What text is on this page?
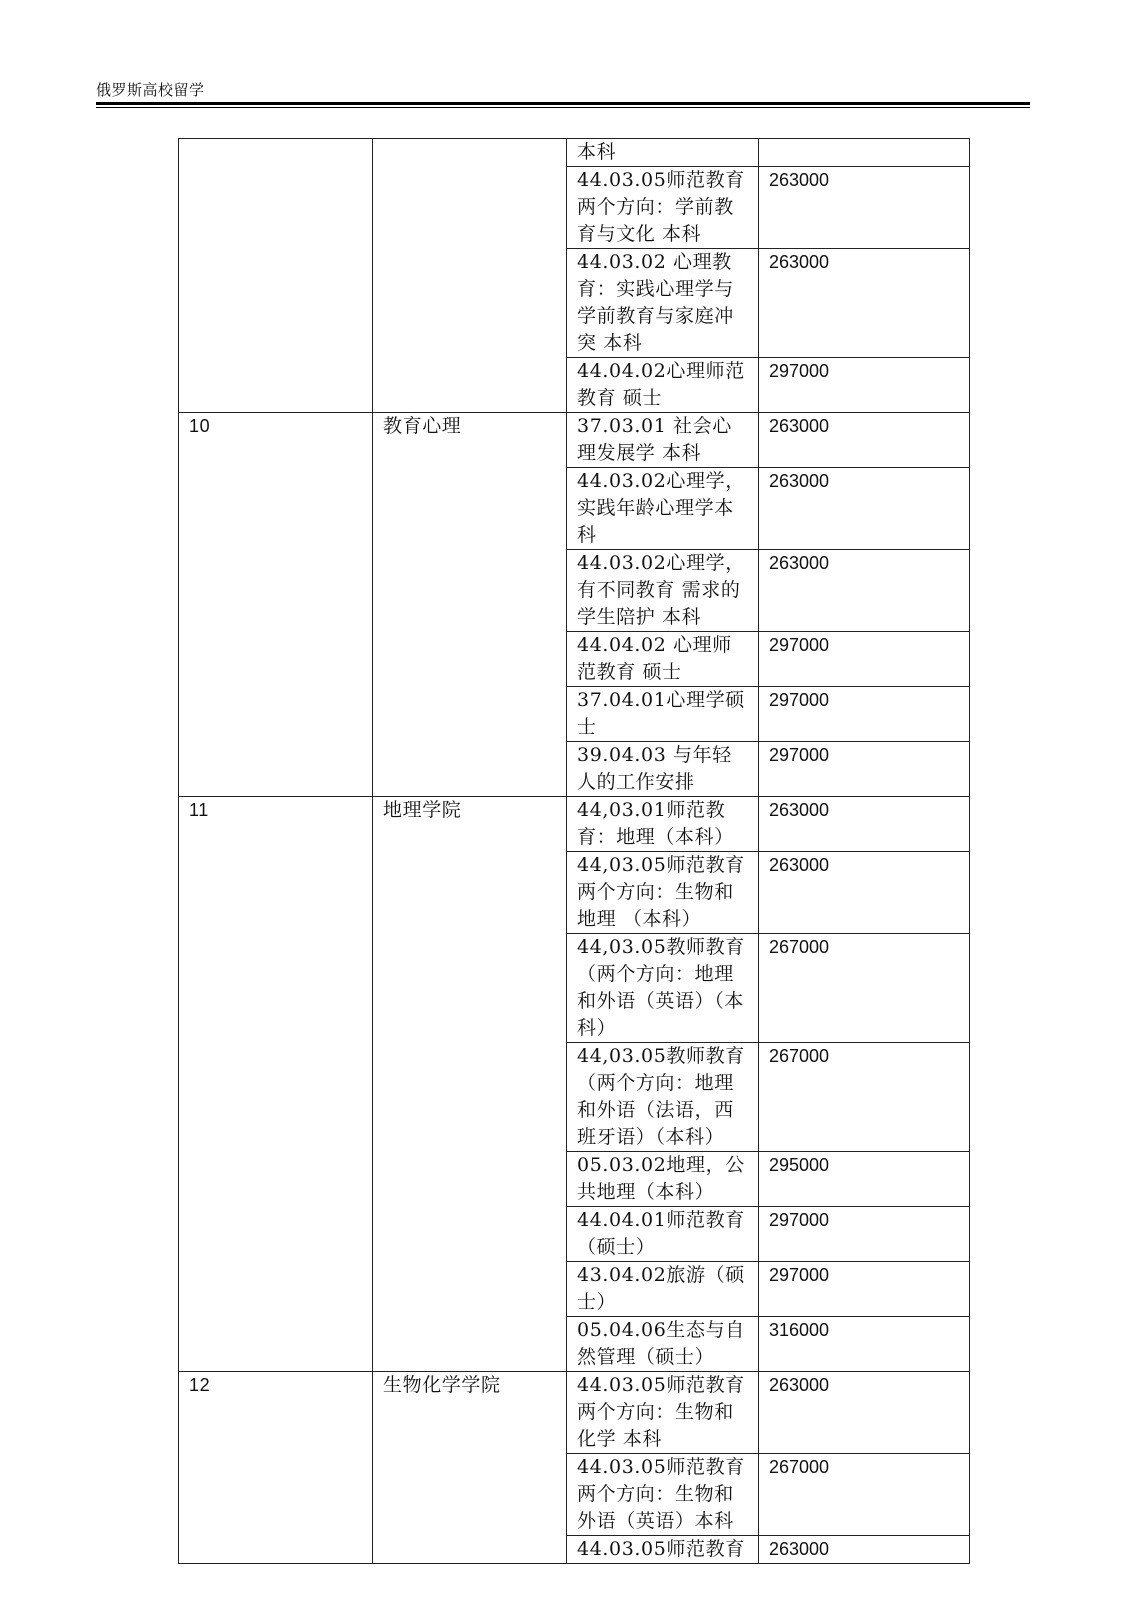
俄罗斯高校留学
		本科	
		44.03.05师范教育两个方向：学前教育与文化 本科	263000
		44.03.02 心理教育：实践心理学与学前教育与家庭冲突 本科	263000
		44.04.02心理师范教育 硕士	297000
10	教育心理	37.03.01 社会心理发展学 本科	263000
		44.03.02心理学，实践年龄心理学本科	263000
		44.03.02心理学，有不同教育 需求的学生陪护 本科	263000
		44.04.02 心理师范教育 硕士	297000
		37.04.01心理学硕士	297000
		39.04.03 与年轻人的工作安排	297000
11	地理学院	44,03.01师范教育：地理（本科）	263000
		44,03.05师范教育两个方向：生物和地理 （本科）	263000
		44,03.05教师教育（两个方向：地理和外语（英语）（本科）	267000
		44,03.05教师教育（两个方向：地理和外语（法语，西班牙语）（本科）	267000
		05.03.02地理，公共地理（本科）	295000
		44.04.01师范教育（硕士）	297000
		43.04.02旅游（硕士）	297000
		05.04.06生态与自然管理（硕士）	316000
12	生物化学学院	44.03.05师范教育两个方向：生物和化学 本科	263000
		44.03.05师范教育两个方向：生物和外语（英语）本科	267000
		44.03.05师范教育	263000
